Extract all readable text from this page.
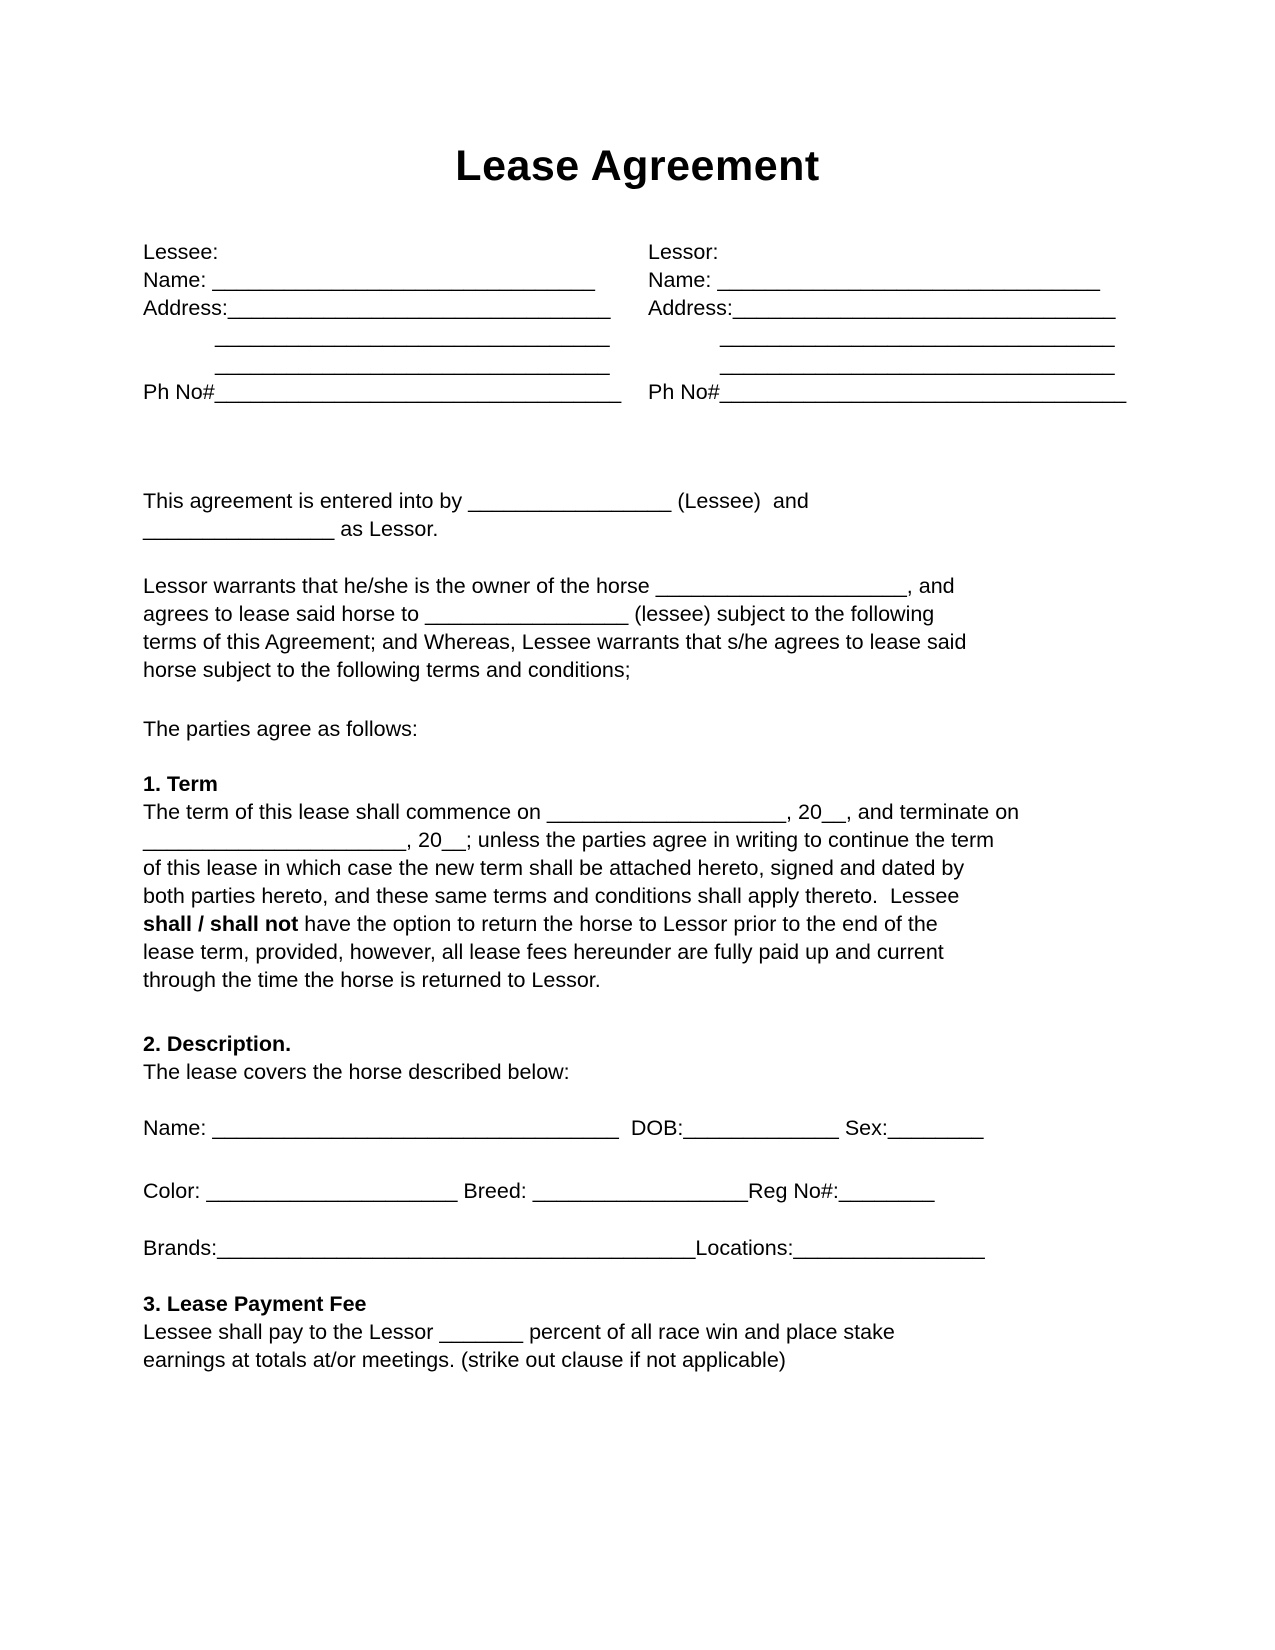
Lease Agreement
Lessee:
Name: ________________________________
Address:________________________________
_________________________________
_________________________________
Ph No#__________________________________
Lessor:
Name: ________________________________
Address:________________________________
_________________________________
_________________________________
Ph No#__________________________________
This agreement is entered into by _________________ (Lessee)  and
________________ as Lessor.
Lessor warrants that he/she is the owner of the horse _____________________, and
agrees to lease said horse to _________________ (lessee) subject to the following
terms of this Agreement; and Whereas, Lessee warrants that s/he agrees to lease said
horse subject to the following terms and conditions;
The parties agree as follows:
1. Term
The term of this lease shall commence on ____________________, 20__, and terminate on
______________________, 20__; unless the parties agree in writing to continue the term
of this lease in which case the new term shall be attached hereto, signed and dated by
both parties hereto, and these same terms and conditions shall apply thereto.  Lessee
shall / shall not have the option to return the horse to Lessor prior to the end of the
lease term, provided, however, all lease fees hereunder are fully paid up and current
through the time the horse is returned to Lessor.
2. Description.
The lease covers the horse described below:
Name: __________________________________  DOB:_____________ Sex:________
Color: _____________________ Breed: __________________Reg No#:________
Brands:________________________________________Locations:________________
3. Lease Payment Fee
Lessee shall pay to the Lessor _______ percent of all race win and place stake
earnings at totals at/or meetings. (strike out clause if not applicable)
